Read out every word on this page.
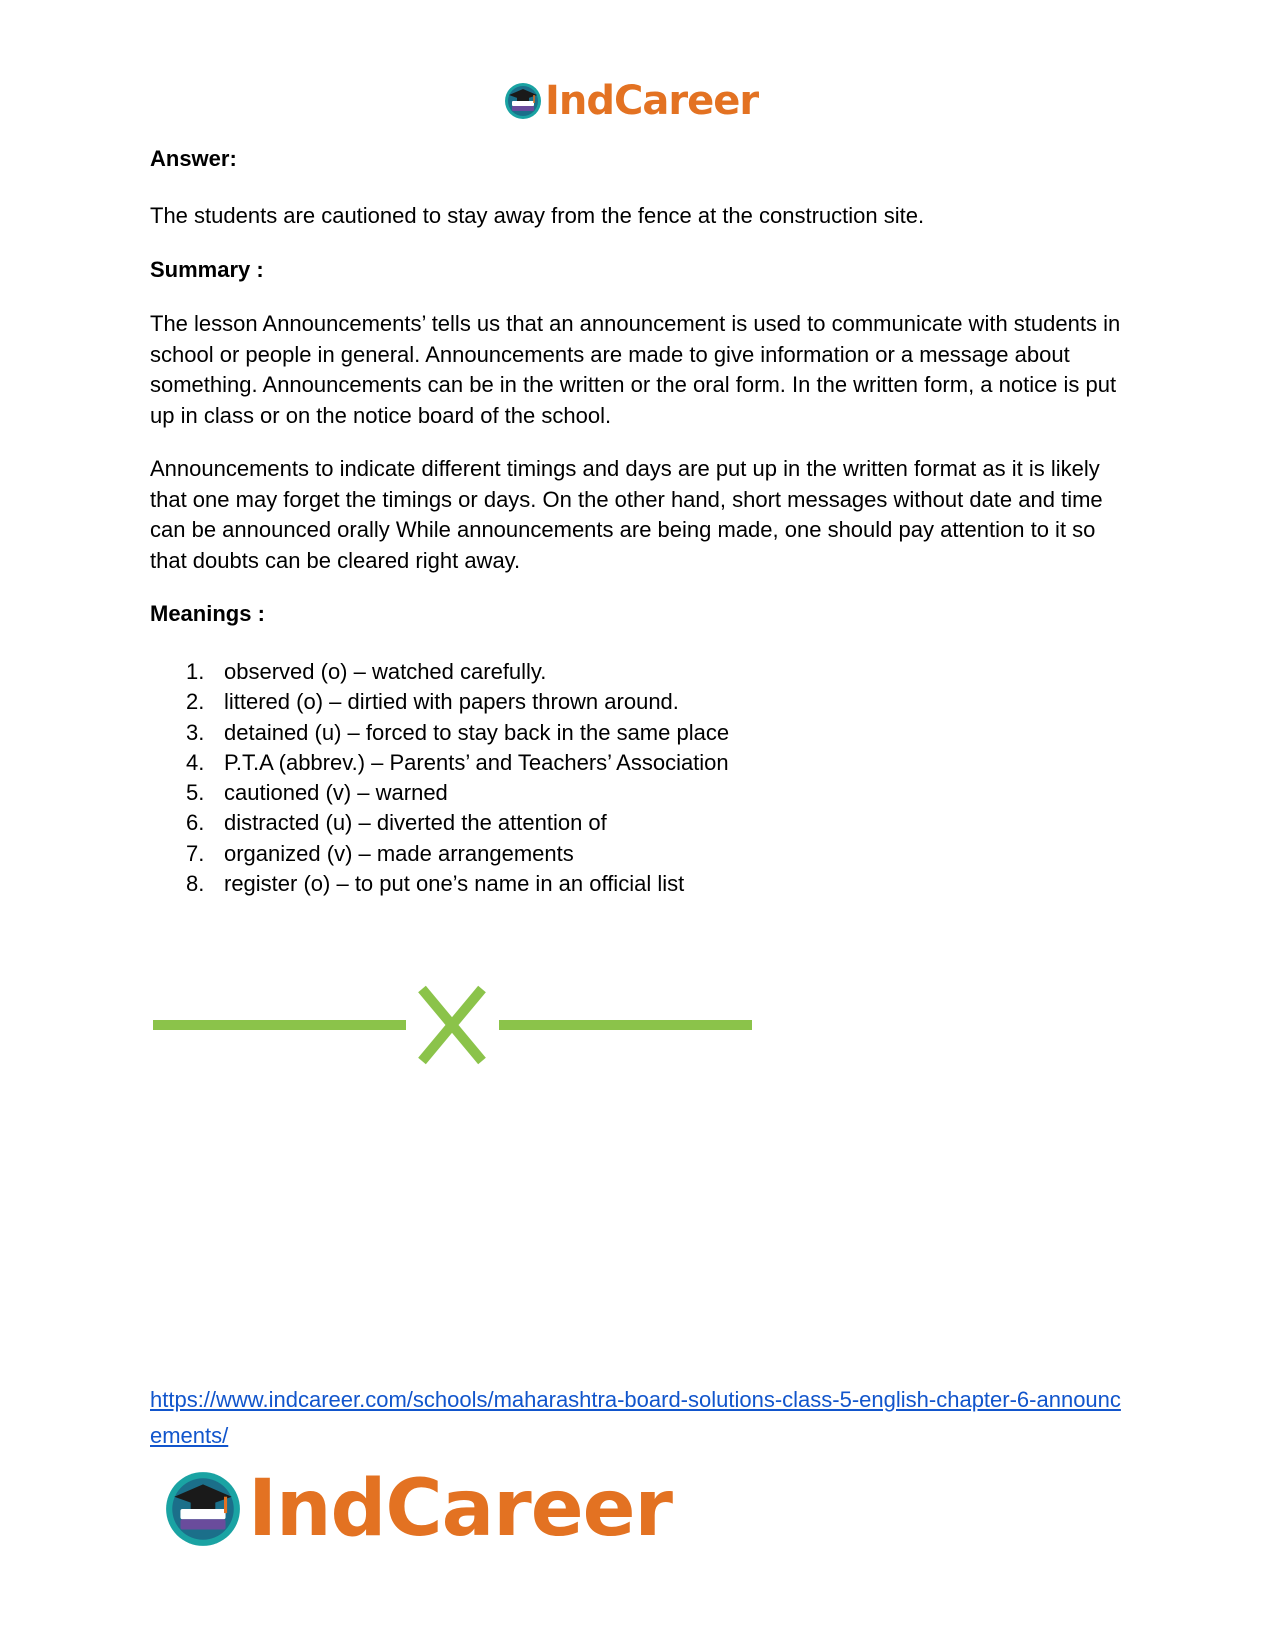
IndCareer
Answer:

The students are cautioned to stay away from the fence at the construction site.

Summary :

The lesson Announcements’ tells us that an announcement is used to communicate with students in school or people in general. Announcements are made to give information or a message about something. Announcements can be in the written or the oral form. In the written form, a notice is put up in class or on the notice board of the school.

Announcements to indicate different timings and days are put up in the written format as it is likely that one may forget the timings or days. On the other hand, short messages without date and time can be announced orally While announcements are being made, one should pay attention to it so that doubts can be cleared right away.

Meanings :
1. observed (o) – watched carefully.
2. littered (o) – dirtied with papers thrown around.
3. detained (u) – forced to stay back in the same place
4. P.T.A (abbrev.) – Parents’ and Teachers’ Association
5. cautioned (v) – warned
6. distracted (u) – diverted the attention of
7. organized (v) – made arrangements
8. register (o) – to put one’s name in an official list
https://www.indcareer.com/schools/maharashtra-board-solutions-class-5-english-chapter-6-announcements/
IndCareer
